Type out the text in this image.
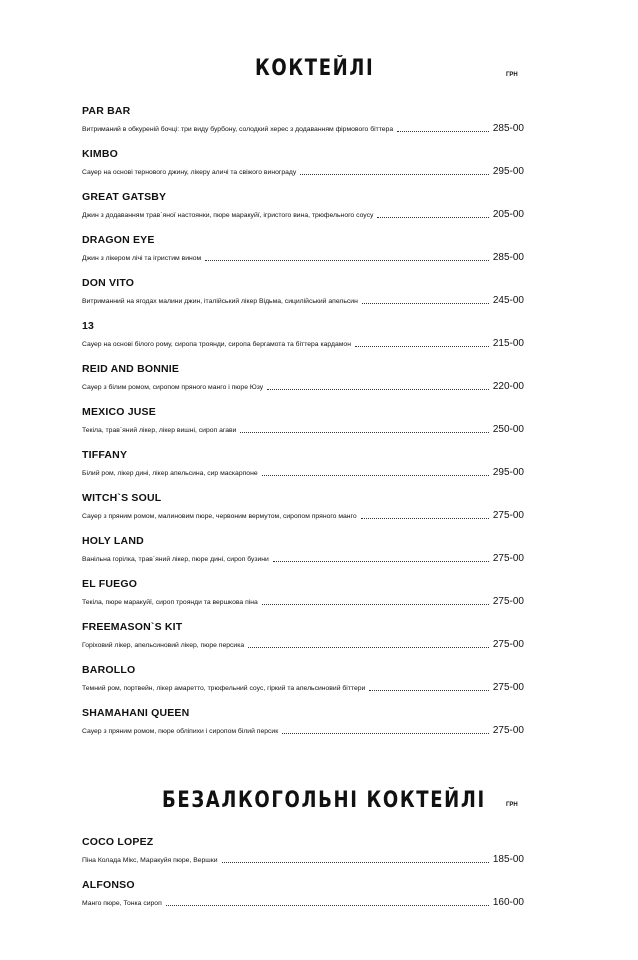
КОКТЕЙЛІ	ГРН
PAR BAR
Витриманий в обкуреній бочці: три виду бурбону, солодкий херес з додаванням фірмового біттера	285-00
KIMBO
Сауер на основі тернового джину, лікеру аличі та свіжого винограду	295-00
GREAT GATSBY
Джин з додаванням трав`яної настоянки, пюре маракуйї, ігристого вина, трюфельного соусу	205-00
DRAGON EYE
Джин з лікером лічі та ігристим вином	285-00
DON VITO
Витриманний на ягодах малини джин, італійський лікер Відьма, сицилійський апельсин	245-00
13
Сауер на основі білого рому, сиропа троянди, сиропа бергамота та біттера кардамон	215-00
REID AND BONNIE
Сауер з білим ромом, сиропом пряного манго і пюре Юзу	220-00
MEXICO JUSE
Текіла, трав`яний лікер, лікер вишні, сироп агави	250-00
TIFFANY
Білий ром, лікер дині, лікер апельсина, сир маскарпоне	295-00
WITCH`S SOUL
Сауер з пряним ромом, малиновим пюре, червоним вермутом, сиропом пряного манго	275-00
HOLY LAND
Ванільна горілка, трав`яний лікер, пюре дині, сироп бузини	275-00
EL FUEGO
Текіла, пюре маракуйї, сироп троянди та вершкова піна	275-00
FREEMASON`S KIT
Горіховий лікер, апельсиновий лікер, пюре персика	275-00
BAROLLO
Темний ром, портвейн, лікер амаретто, трюфельний соус, гіркий та апельсиновий біттери	275-00
SHAMAHANI QUEEN
Сауер з пряним ромом, пюре обліпихи і сиропом білий персик	275-00
БЕЗАЛКОГОЛЬНІ КОКТЕЙЛІ	ГРН
COCO LOPEZ
Піна Колада Мікс, Маракуйя пюре, Вершки	185-00
ALFONSO
Манго пюре, Тонка сироп	160-00
